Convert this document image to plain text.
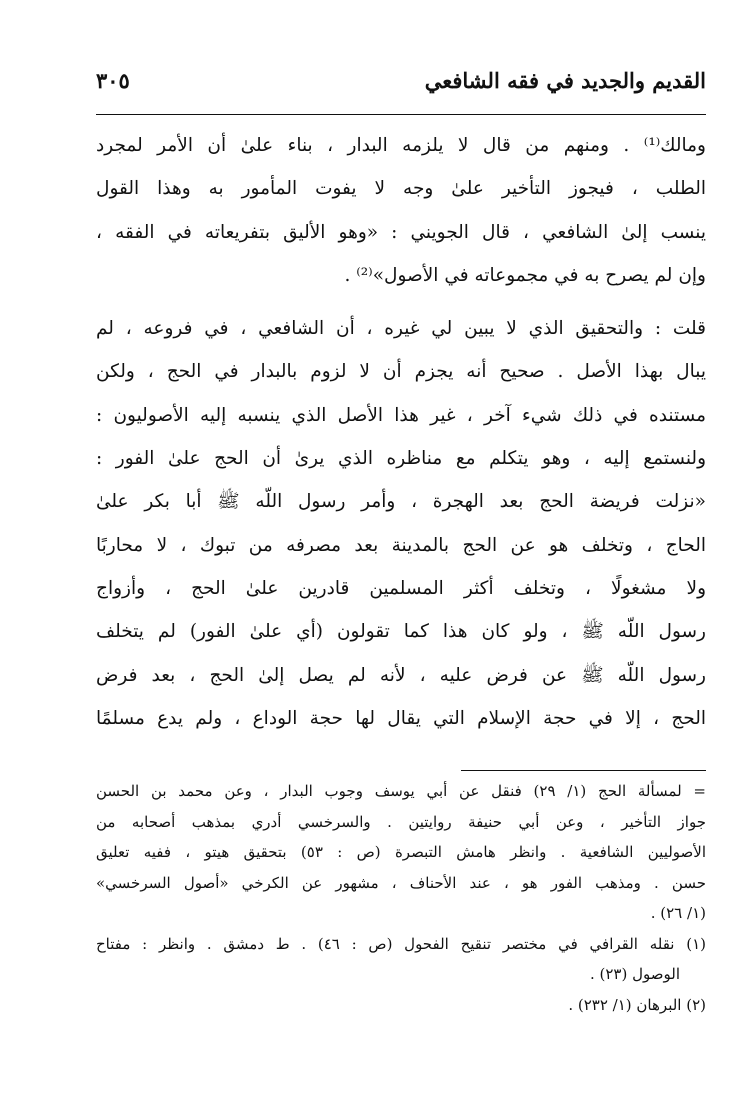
القديم والجديد في فقه الشافعي
٣٠٥

ومالك⁽¹⁾ . ومنهم من قال لا يلزمه البدار ، بناء علىٰ أن الأمر لمجرد
الطلب ، فيجوز التأخير علىٰ وجه لا يفوت المأمور به وهذا القول
ينسب إلىٰ الشافعي ، قال الجويني : «وهو الأليق بتفريعاته في الفقه ،
وإن لم يصرح به في مجموعاته في الأصول»⁽²⁾ .

قلت : والتحقيق الذي لا يبين لي غيره ، أن الشافعي ، في فروعه ، لم
يبال بهذا الأصل . صحيح أنه يجزم أن لا لزوم بالبدار في الحج ، ولكن
مستنده في ذلك شيء آخر ، غير هذا الأصل الذي ينسبه إليه الأصوليون :
ولنستمع إليه ، وهو يتكلم مع مناظره الذي يرىٰ أن الحج علىٰ الفور :
«نزلت فريضة الحج بعد الهجرة ، وأمر رسول اللّه ﷺ أبا بكر علىٰ
الحاج ، وتخلف هو عن الحج بالمدينة بعد مصرفه من تبوك ، لا محاربًا
ولا مشغولًا ، وتخلف أكثر المسلمين قادرين علىٰ الحج ، وأزواج
رسول اللّه ﷺ ، ولو كان هذا كما تقولون (أي علىٰ الفور) لم يتخلف
رسول اللّه ﷺ عن فرض عليه ، لأنه لم يصل إلىٰ الحج ، بعد فرض
الحج ، إلا في حجة الإسلام التي يقال لها حجة الوداع ، ولم يدع مسلمًا

= لمسألة الحج (١/ ٢٩) فنقل عن أبي يوسف وجوب البدار ، وعن محمد بن الحسن
جواز التأخير ، وعن أبي حنيفة روايتين . والسرخسي أدري بمذهب أصحابه من
الأصوليين الشافعية . وانظر هامش التبصرة (ص : ٥٣) بتحقيق هيتو ، ففيه تعليق
حسن . ومذهب الفور هو ، عند الأحناف ، مشهور عن الكرخي «أصول السرخسي»
(١/ ٢٦) .

(١) نقله القرافي في مختصر تنقيح الفحول (ص : ٤٦) . ط دمشق . وانظر : مفتاح
الوصول (٢٣) .

(٢) البرهان (١/ ٢٣٢) .
